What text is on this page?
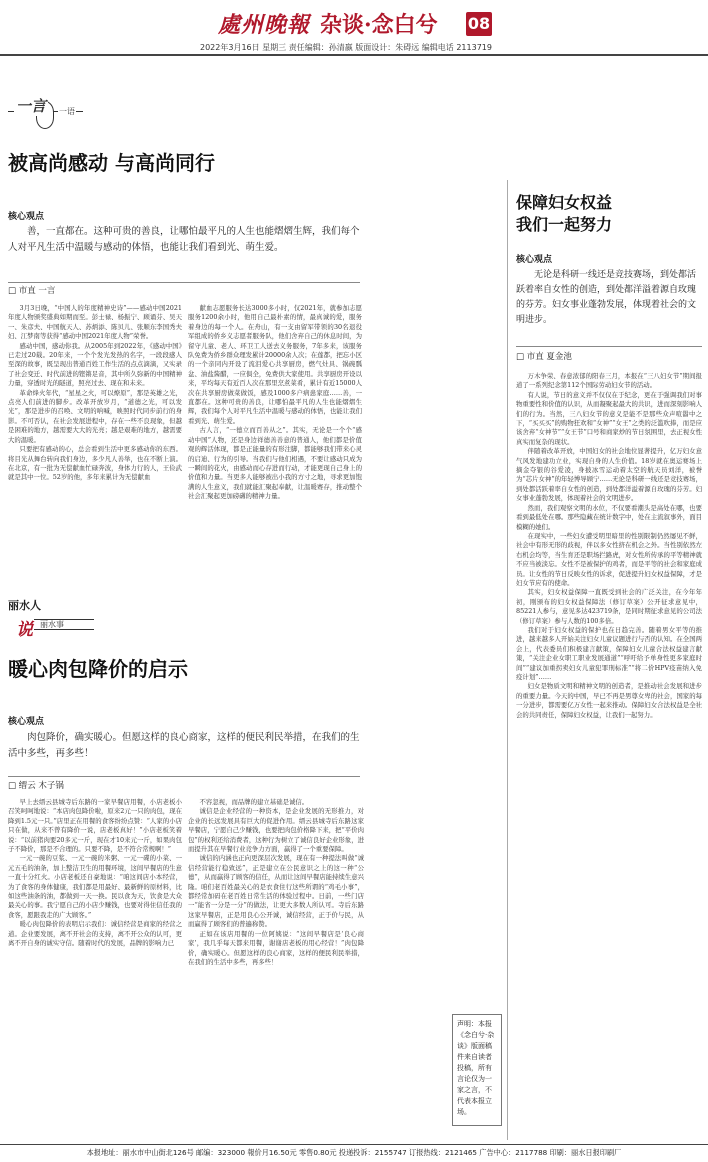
處州晚報 杂谈·念白兮 08
2022年3月16日 星期三 责任编辑：孙清嬴 版面设计：朱碍远 编辑电话 2113719
一言 一语
被高尚感动 与高尚同行
核心观点
善，一直都在。这种可贵的善良，让哪怕最平凡的人生也能熠熠生辉，我们每个人对平凡生活中温暖与感动的体悟，也能让我们看到光、萌生爱。
□ 市直 一言

3月3日晚，“中国人的年度精神史诗”——感动中国2021年度人物颁奖盛典如期而至。彭士禄、杨振宁、顾诵芬、吴天一、朱彦夫、中国航天人、苏炳添、陈贝儿、张顺东李国秀夫妇、江梦南等获得“感动中国2021年度人物”荣誉。

感动中国，感动你我。从2005年到2022年，《感动中国》已走过20载。20年来，一个个发光发热的名字，一段段感人至深的故事，既呈现出普通百姓工作生活的点点滴滴，又实录了社会变迁、时代前进的铿锵足音，其中所久弥新的中国精神力量，穿透时光的隧道，照亮过去、现在和未来。

革命烽火年代，“星星之火，可以燎原”，那是英雄之光，点亮人们前进的脚步。改革开放岁月，“道德之光，可以发光”，那是进步的召唤、文明的呐喊，映照时代同步前行的身影。不可否认，在社会发展进程中，存在一些不良现象，但越是困难的地方，越需要大大的光亮；越是艰难的地方，越需要大的温暖。

只要把有感动的心，总会看到生活中更多感动你的东西。将目光从舞台转向我们身边，多少凡人善举，也在不断上演。在北京，有一批为无偿献血忙碌奔波，身体力行的人，王俭武就是其中一位。52岁的他，多年来累计为无偿献血

献血志愿服务长达3000多小时，仅2021年，就参加志愿服务1200余小时，他用自己最朴素的情，最真诚的爱，服务着身边的每一个人。在舟山，有一支由留军带领的30名退役军组成的侨乡义志愿者服务队，他们舍弃自己的休息时间，为留守儿童、老人、环卫工人送去义务服务，7年多来，该服务队免费为侨乡群众理发累计20000余人次；在莲都，把忘小区的一个亲同内开设了流泪爱心共享厨房，燃气灶具、锅碗瓢盆、油盐酱醋，一应俱全，免费供大家使用。共享厨房开设以来，平均每天有近百人次在那里烹煮菜肴，累计有近15000人次在共享厨房做菜做饭，感及1000多户病患家庭……善，一直都在。这种可贵的善良，让哪怕最平凡的人生也能熠熠生辉，我们每个人对平凡生活中温暖与感动的体悟，也能让我们看到光、萌生爱。

古人言，“一德立而百善从之”。其实，无论是一个个“感动中国”人物，还是身边祥德善善意的普通人，他们都是价值观的辉活体现，都是正能量的有形注脚，都能够我们带来心灵的启迪、行为的引导。当我们与他们相遇，不要让感动只成为一瞬间的花火，由感动而心存进而行动，才能更现自己身上的价值和力量。当更多人能够被出小我的方寸之地，寻求更加饱满的人生意义，我们就能汇聚起奉献，让温暖赛存，推动整个社会汇聚起更加磅礴的精神力量。

丽水人
说 丽水事
暖心肉包降价的启示
核心观点
肉包降价，确实暖心。但愿这样的良心商家，这样的便民利民举措，在我们的生活中多些，再多些！
□ 缙云 木子锅

早上去缙云县城寺后东路的一家早餐店用餐，小店老板小召笑呵呵地说：“本店肉包降价啦，原来2元一只的肉包，现在降到1.5元一只。”店里正在用餐的食客纷纷点赞：“人家的小店只在做，从来不曾有降价一说，店老板真好！”小店老板笑着说：“以前猪肉要20多元一斤，现在才10来元一斤，如果肉包子不降价，那是不合理的。只要不降，是不符合常规啊！”

一元一碗的豆浆、一元一碗的米粥、一元一碟的小菜、一元五毛的油条，加上整洁卫生的用餐环境，这间早餐店的生意一直十分红火。小店老板还自豪地说：“咱这间店小本经营，为了食客的身体健康，我们都是用最好、最新鲜的原材料，比如这些油条的油，都做到一天一换。民以食为天，饮食是大众最关心的事。我宁愿自己的小店少赚钱，也要对得住信任我的食客，愿跟我走的广大顾客。”

暖心肉包降价的表明启示我们：诚信经营是商家的经营之道。企业要发展，离不开社会的支持，离不开公众的认可，更离不开自身的诚实守信。随着时代的发展，品牌的影响力已

不容忽视，而品牌的建立基础是诚信。

诚信是企业经营的一种资本，是企业发展的无形推力，对企业的长远发展具有巨大的促进作用。缙云县城寺后东路这家早餐店，宁愿自己少赚钱，也要把肉包价格降下来，把“平价肉包”的权利还给消费者，这种行为树立了诚信良好企业形象，进而提升其在早餐行业竞争力方面，赢得了一个重要保障。

诚信的内涵也正向更深层次发展，现在有一种提法叫做“诚信经营能行稳致远”，正是建立在公民意识之上的这一种“公德”，从而赢得了顾客的信任，从而让这间早餐店能持续生意兴隆。咱们老百姓最关心的是衣食住行这些所谓的“鸡毛小事”，都经常加码在老百姓日常生活的体验过程中。日前，一些门店一“能省一分是一分”的做法，让更大多数人所认可。寺后东路这家早餐店，正是用良心公开诚，诚信经营，正于价与民，从而赢得了顾客们的普遍称赞。

正如在该店用餐的一位阿姨说：“这间早餐店是‘良心商家’，我几乎每天都来用餐，谢谢店老板的用心经营！”肉包降价，确实暖心。但愿这样的良心商家，这样的便民利民举措，在我们的生活中多些，再多些！

声明：本报《念白兮·杂谈》版面稿件来自读者投稿，所有言论仅为一家之言，不代表本报立场。
保障妇女权益
我们一起努力
核心观点
无论是科研一线还是竞技赛场，到处都活跃着率自女性的创造，到处都洋溢着源自玫瑰的芬芳。妇女事业蓬勃发展，体现着社会的文明进步。
□ 市直 夏金池

万木争荣、春意浓郁的阳春三月，本报在“三八妇女节”期间报道了一系列纪念第112个国际劳动妇女节的活动。

有人说，节日的意义并不仅仅在于纪念，更在于强调我们对事物重要性和价值的认识，从而凝聚起最大的共识，进而深刻影响人们的行为。当然，三八妇女节的意义是能不是那些众声喧嚣中之下，“买买买”的购物狂欢和“女神”“女王”之类的泛滥吹捧，而是应该舍弃“女神节”“女王节”口号和商家炒的节日氛围里，去正视女性真实而复杂的现状。

伴随着改革开放，中国妇女的社会地位显著提升，亿万妇女意气风发地建功立业，实现自身的人生价值。18岁就在奥运赛场上摘金夺银的谷爱凌，身披冰雪运动着太空的航天员刘洋，被誉为“芯片女神”的年轻博导顾宁……无论是科研一线还是竞技赛场，到处都活跃着率自女性的创造，到处都洋溢着源自玫瑰的芬芳。妇女事业蓬勃发展，体现着社会的文明进步。

然而，我们观察文明的水位，不仅要看潮头是高处在哪，也要看到最低处在哪。那些隐藏在统计数字中，处在主流叙事外，面目模糊的她们。

在现实中，一些妇女遭受明里暗里的性别限制仍然屡见不鲜，社会中有形无形的歧视，伴以多女性挤在机会之外。当性别依然左右机会均等，当生育还是职场拦路虎，对女性所传承的平等精神就不应当被淡忘。女性不是被保护的鸡者，而是平等的社会和家庭成员。让女性的节日反映女性的诉求，促进提升妇女权益保障，才是妇女节应有的使命。

其实，妇女权益保障一直既受到社会的广泛关注，在今年年初，刚颁布的妇女权益保障法（修订草案）公开征求意见中，85221人参与，意见多达423719条，是同时期征求意见的公司法（修订草案）参与人数的100多倍。

我们对于妇女权益的保护也在日趋完善。随着男女平等的推进，越来越多人开始关注妇女儿童议题进行与否的认知。在全国两会上，代表委员们积极建言献策，保障妇女儿童合法权益建言献策，“关注企业女职工职业发展通道”“呼吁给予单身性更多家庭时间”“建议加重拐卖妇女儿童犯罪刑标准”“将二价HPV疫苗纳入免疫计划”……

妇女是物质文明和精神文明的创造者，是推动社会发展和进步的重要力量。今天的中国，早已不再是男尊女卑的社会，国家的每一分进步，都需要亿万女性一起来推动。保障妇女合法权益是全社会的共同责任，保障妇女权益，让我们一起努力。

本报地址：丽水市中山街北126号 邮编：323000 報价月16.50元 零售0.80元 投递投诉：2155747 订报热线：2121465 广告中心：2117788 印刷：丽水日报印刷厂
